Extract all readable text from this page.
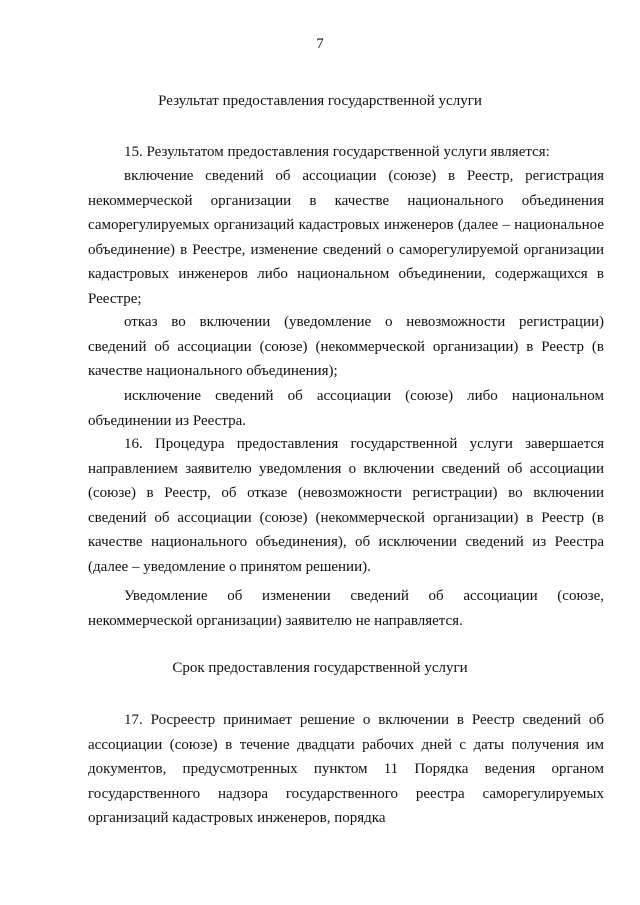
7
Результат предоставления государственной услуги

15. Результатом предоставления государственной услуги является:

включение сведений об ассоциации (союзе) в Реестр, регистрация некоммерческой организации в качестве национального объединения саморегулируемых организаций кадастровых инженеров (далее – национальное объединение) в Реестре, изменение сведений о саморегулируемой организации кадастровых инженеров либо национальном объединении, содержащихся в Реестре;

отказ во включении (уведомление о невозможности регистрации) сведений об ассоциации (союзе) (некоммерческой организации) в Реестр (в качестве национального объединения);

исключение сведений об ассоциации (союзе) либо национальном объединении из Реестра.

16. Процедура предоставления государственной услуги завершается направлением заявителю уведомления о включении сведений об ассоциации (союзе) в Реестр, об отказе (невозможности регистрации) во включении сведений об ассоциации (союзе) (некоммерческой организации) в Реестр (в качестве национального объединения), об исключении сведений из Реестра (далее – уведомление о принятом решении).

Уведомление об изменении сведений об ассоциации (союзе, некоммерческой организации) заявителю не направляется.

Срок предоставления государственной услуги

17. Росреестр принимает решение о включении в Реестр сведений об ассоциации (союзе) в течение двадцати рабочих дней с даты получения им документов, предусмотренных пунктом 11 Порядка ведения органом государственного надзора государственного реестра саморегулируемых организаций кадастровых инженеров, порядка
